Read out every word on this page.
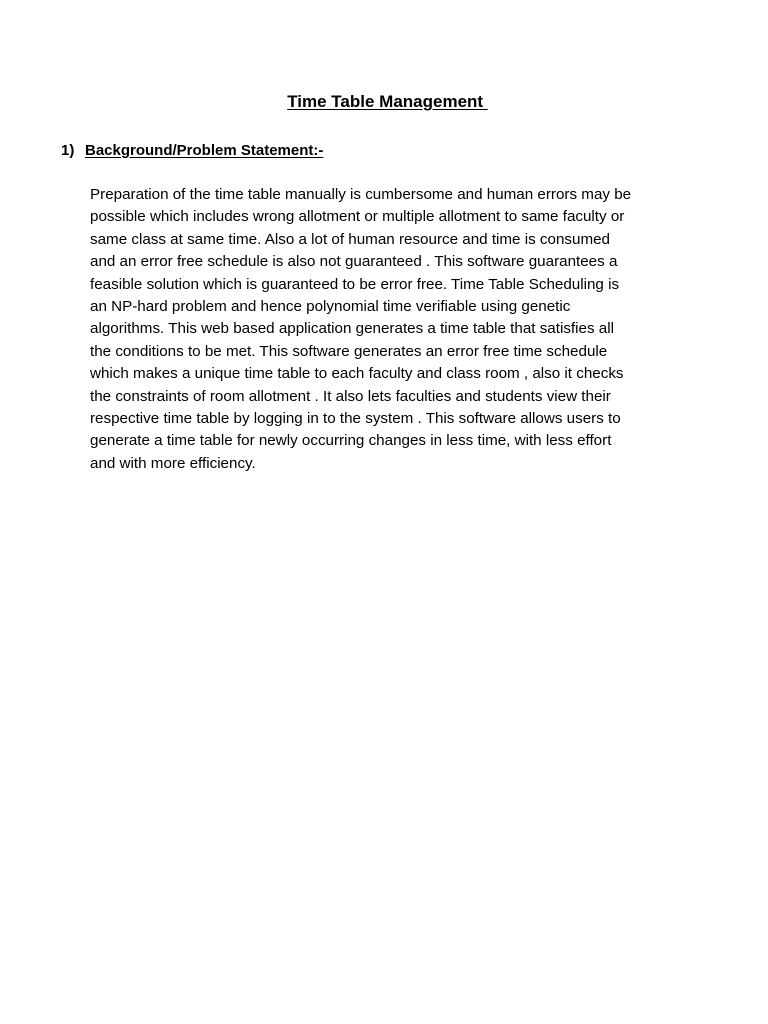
Time Table Management
1) Background/Problem Statement:-

Preparation of the time table manually is cumbersome and human errors may be
possible which includes wrong allotment or multiple allotment to same faculty or
same class at same time. Also a lot of human resource and time is consumed
and an error free schedule is also not guaranteed . This software guarantees a
feasible solution which is guaranteed to be error free. Time Table Scheduling is
an NP-hard problem and hence polynomial time verifiable using genetic
algorithms. This web based application generates a time table that satisfies all
the conditions to be met. This software generates an error free time schedule
which makes a unique time table to each faculty and class room , also it checks
the constraints of room allotment . It also lets faculties and students view their
respective time table by logging in to the system . This software allows users to
generate a time table for newly occurring changes in less time, with less effort
and with more efficiency.
